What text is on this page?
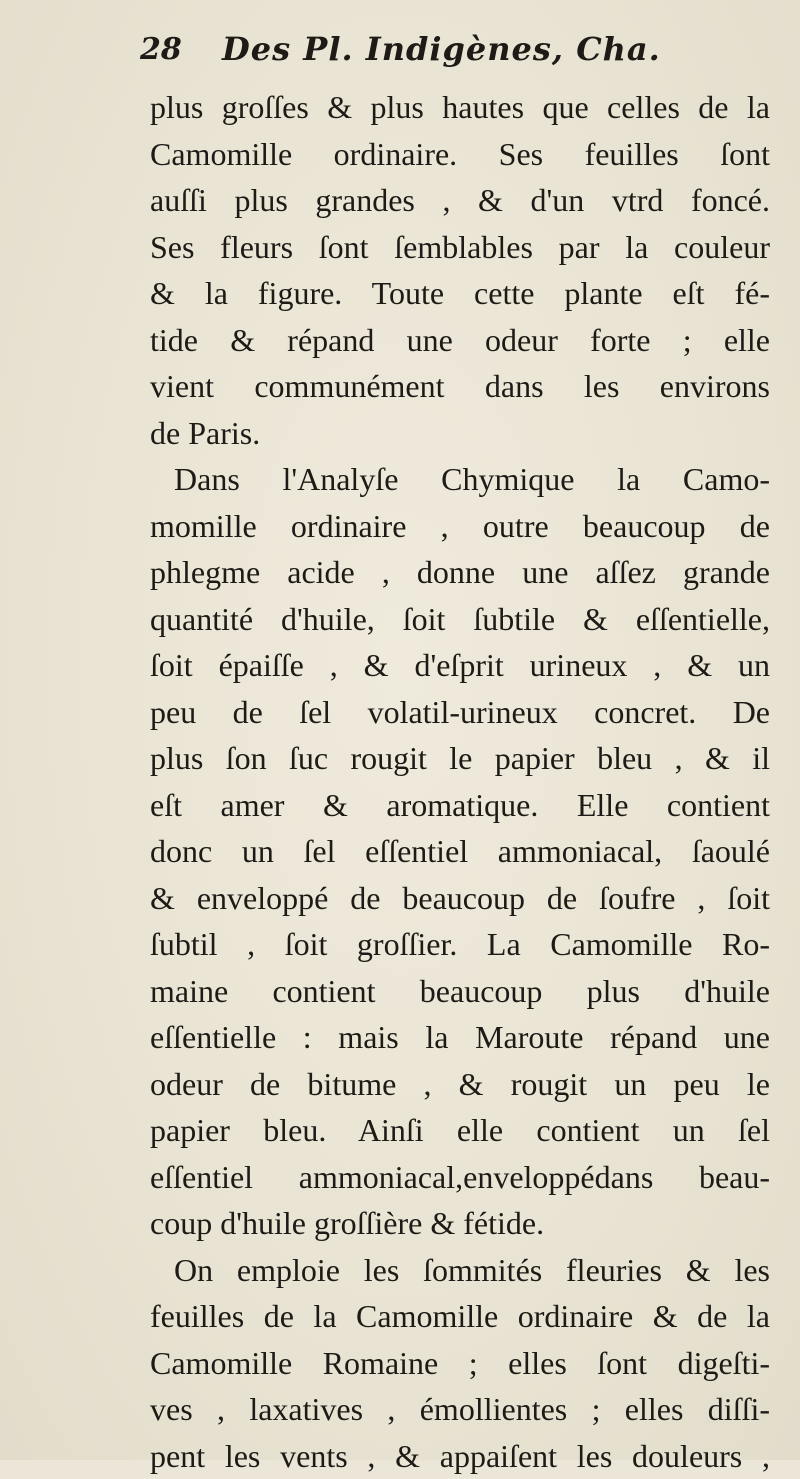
28 Des Pl. Indigènes, Cha.
plus groſſes & plus hautes que celles de la
Camomille ordinaire. Ses feuilles ſont
auſſi plus grandes , & d'un vtrd foncé.
Ses fleurs ſont ſemblables par la couleur
& la figure. Toute cette plante eſt fé-
tide & répand une odeur forte ; elle
vient communément dans les environs
de Paris.
Dans l'Analyſe Chymique la Camo-
momille ordinaire , outre beaucoup de
phlegme acide , donne une aſſez grande
quantité d'huile, ſoit ſubtile & eſſentielle,
ſoit épaiſſe , & d'eſprit urineux , & un
peu de ſel volatil-urineux concret. De
plus ſon ſuc rougit le papier bleu , & il
eſt amer & aromatique. Elle contient
donc un ſel eſſentiel ammoniacal, ſaoulé
& enveloppé de beaucoup de ſoufre , ſoit
ſubtil , ſoit groſſier. La Camomille Ro-
maine contient beaucoup plus d'huile
eſſentielle : mais la Maroute répand une
odeur de bitume , & rougit un peu le
papier bleu. Ainſi elle contient un ſel
eſſentiel ammoniacal,enveloppédans beau-
coup d'huile groſſière & fétide.
On emploie les ſommités fleuries & les
feuilles de la Camomille ordinaire & de la
Camomille Romaine ; elles ſont digeſti-
ves , laxatives , émollientes ; elles diſſi-
pent les vents , & appaiſent les douleurs ,
